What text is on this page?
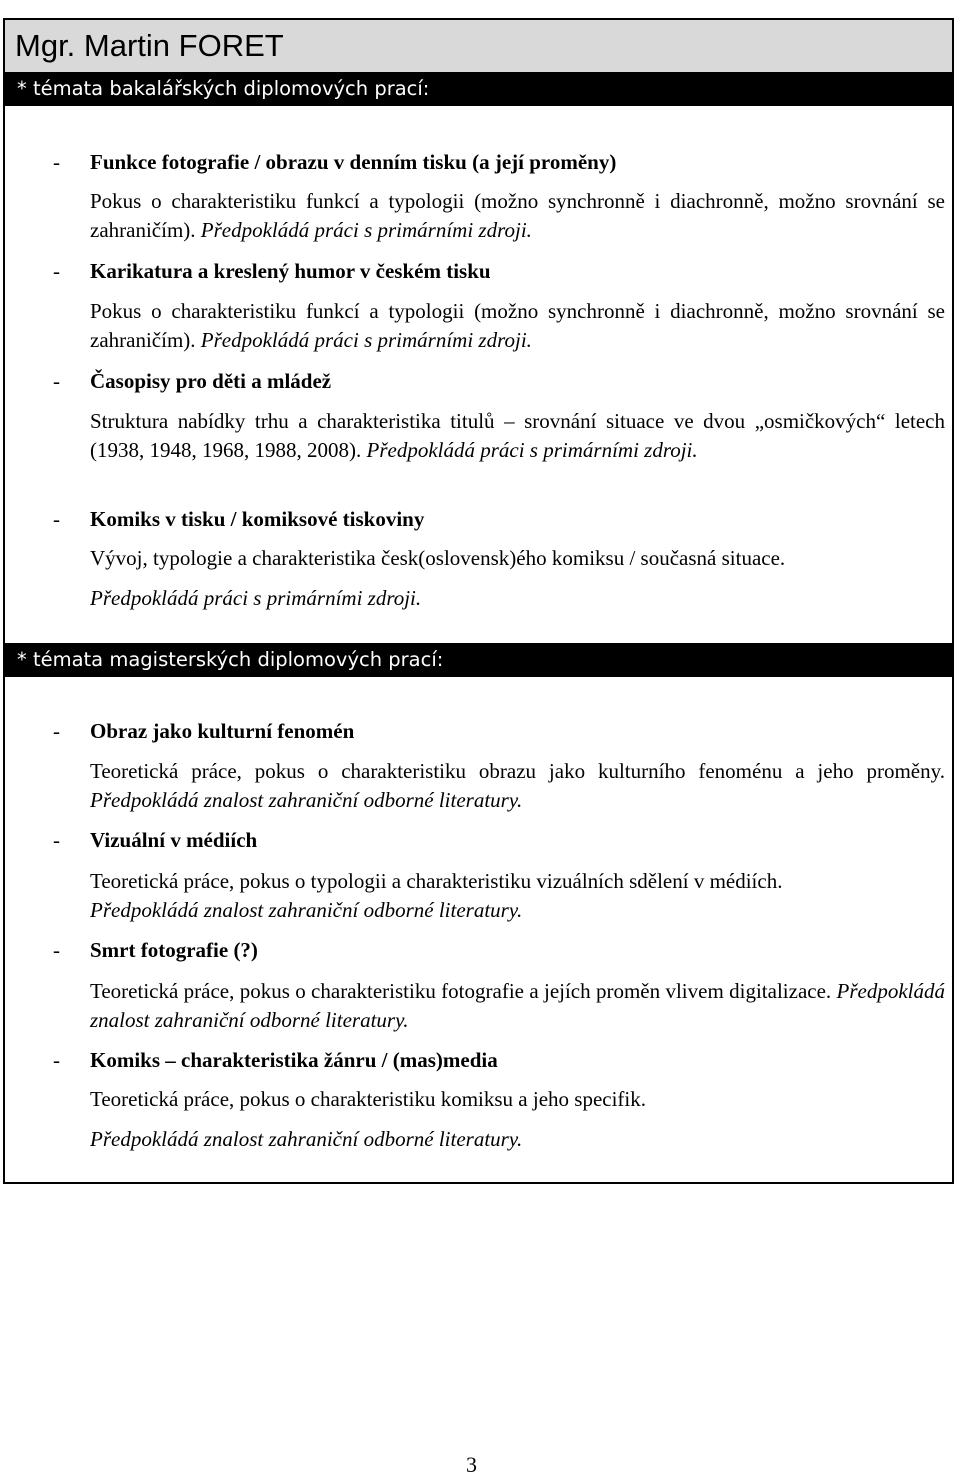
Mgr. Martin FORET
* témata bakalářských diplomových prací:
- Funkce fotografie / obrazu v denním tisku (a její proměny)
Pokus o charakteristiku funkcí a typologii (možno synchronně i diachronně, možno srovnání se zahraničím). Předpokládá práci s primárními zdroji.
- Karikatura a kreslený humor v českém tisku
Pokus o charakteristiku funkcí a typologii (možno synchronně i diachronně, možno srovnání se zahraničím). Předpokládá práci s primárními zdroji.
- Časopisy pro děti a mládež
Struktura nabídky trhu a charakteristika titulů – srovnání situace ve dvou „osmičkových“ letech (1938, 1948, 1968, 1988, 2008). Předpokládá práci s primárními zdroji.
- Komiks v tisku / komiksové tiskoviny
Vývoj, typologie a charakteristika česk(oslovensk)ého komiksu / současná situace.
Předpokládá práci s primárními zdroji.
* témata magisterských diplomových prací:
- Obraz jako kulturní fenomén
Teoretická práce, pokus o charakteristiku obrazu jako kulturního fenoménu a jeho proměny. Předpokládá znalost zahraniční odborné literatury.
- Vizuální v médiích
Teoretická práce, pokus o typologii a charakteristiku vizuálních sdělení v médiích.
Předpokládá znalost zahraniční odborné literatury.
- Smrt fotografie (?)
Teoretická práce, pokus o charakteristiku fotografie a jejích proměn vlivem digitalizace. Předpokládá znalost zahraniční odborné literatury.
- Komiks – charakteristika žánru / (mas)media
Teoretická práce, pokus o charakteristiku komiksu a jeho specifik.
Předpokládá znalost zahraniční odborné literatury.
3
